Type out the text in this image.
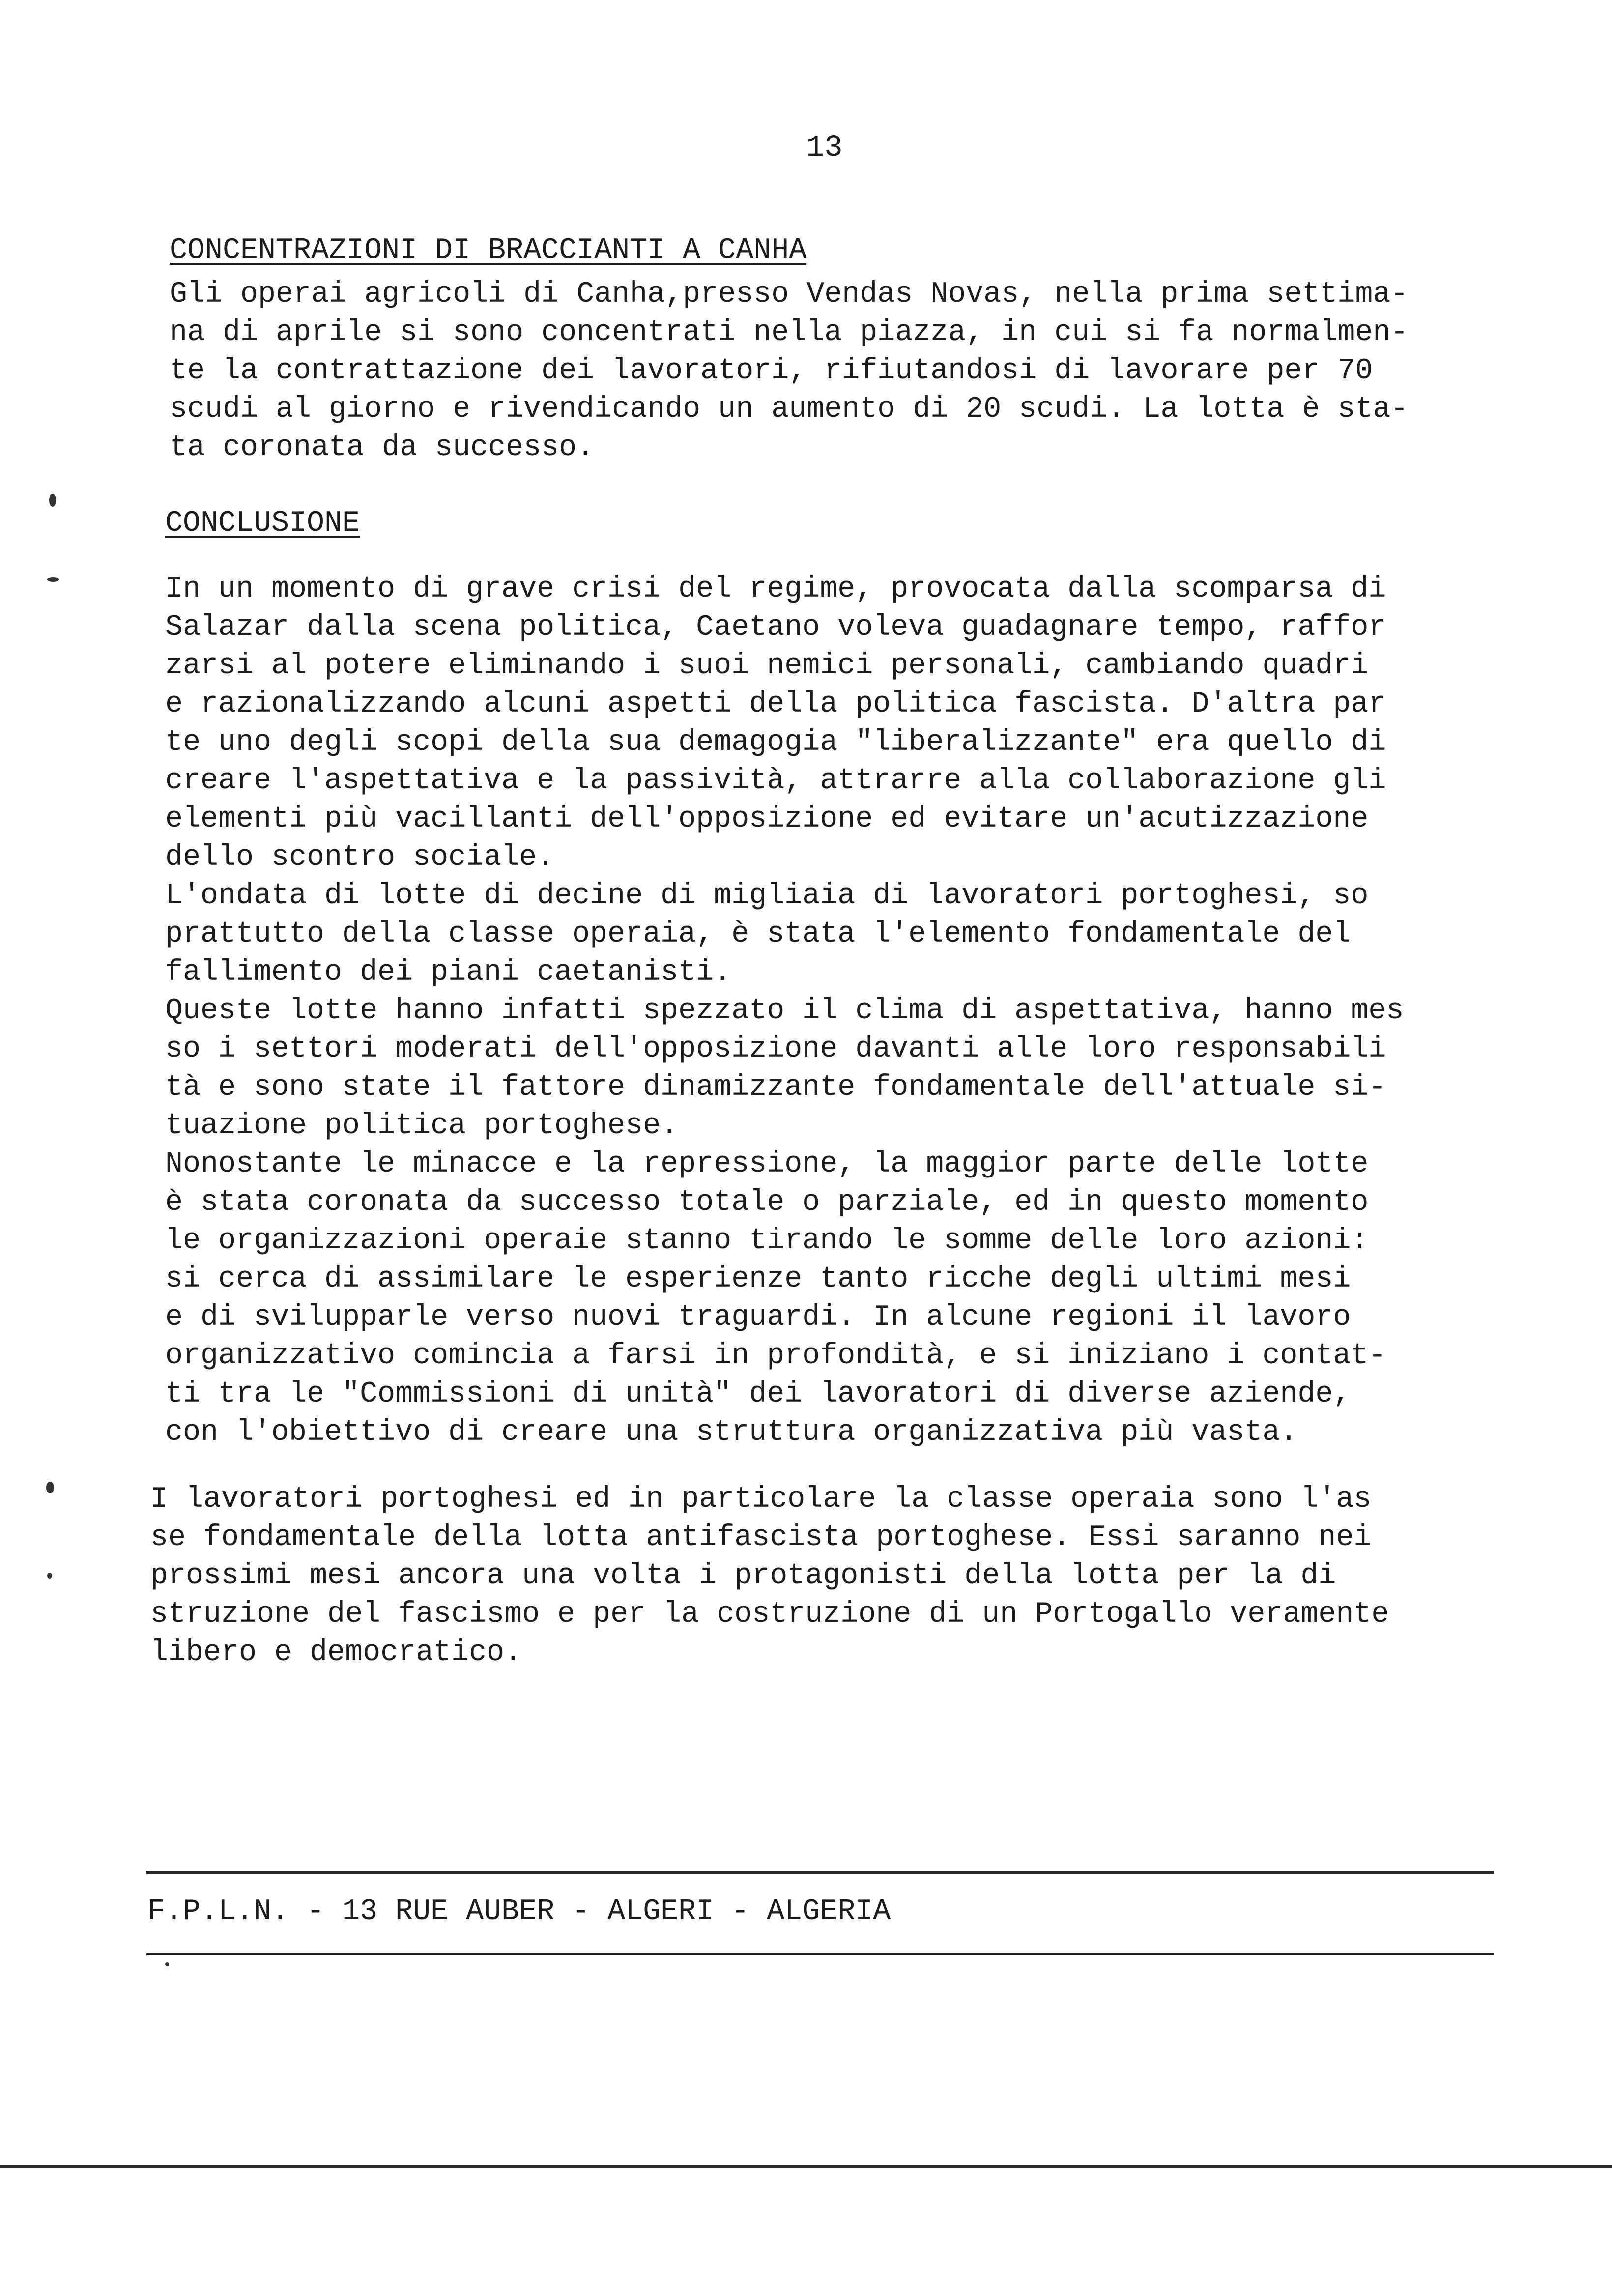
13
CONCENTRAZIONI DI BRACCIANTI A CANHA
Gli operai agricoli di Canha,presso Vendas Novas, nella prima settima-
na di aprile si sono concentrati nella piazza, in cui si fa normalmen-
te la contrattazione dei lavoratori, rifiutandosi di lavorare per 70
scudi al giorno e rivendicando un aumento di 20 scudi. La lotta è sta-
ta coronata da successo.
CONCLUSIONE
In un momento di grave crisi del regime, provocata dalla scomparsa di
Salazar dalla scena politica, Caetano voleva guadagnare tempo, raffor
zarsi al potere eliminando i suoi nemici personali, cambiando quadri
e razionalizzando alcuni aspetti della politica fascista. D'altra par
te uno degli scopi della sua demagogia "liberalizzante" era quello di
creare l'aspettativa e la passività, attrarre alla collaborazione gli
elementi più vacillanti dell'opposizione ed evitare un'acutizzazione
dello scontro sociale.
L'ondata di lotte di decine di migliaia di lavoratori portoghesi, so
prattutto della classe operaia, è stata l'elemento fondamentale del
fallimento dei piani caetanisti.
Queste lotte hanno infatti spezzato il clima di aspettativa, hanno mes
so i settori moderati dell'opposizione davanti alle loro responsabili
tà e sono state il fattore dinamizzante fondamentale dell'attuale si-
tuazione politica portoghese.
Nonostante le minacce e la repressione, la maggior parte delle lotte
è stata coronata da successo totale o parziale, ed in questo momento
le organizzazioni operaie stanno tirando le somme delle loro azioni:
si cerca di assimilare le esperienze tanto ricche degli ultimi mesi
e di svilupparle verso nuovi traguardi. In alcune regioni il lavoro
organizzativo comincia a farsi in profondità, e si iniziano i contat-
ti tra le "Commissioni di unità" dei lavoratori di diverse aziende,
con l'obiettivo di creare una struttura organizzativa più vasta.
I lavoratori portoghesi ed in particolare la classe operaia sono l'as
se fondamentale della lotta antifascista portoghese. Essi saranno nei
prossimi mesi ancora una volta i protagonisti della lotta per la di
struzione del fascismo e per la costruzione di un Portogallo veramente
libero e democratico.
F.P.L.N. - 13 RUE AUBER - ALGERI - ALGERIA
